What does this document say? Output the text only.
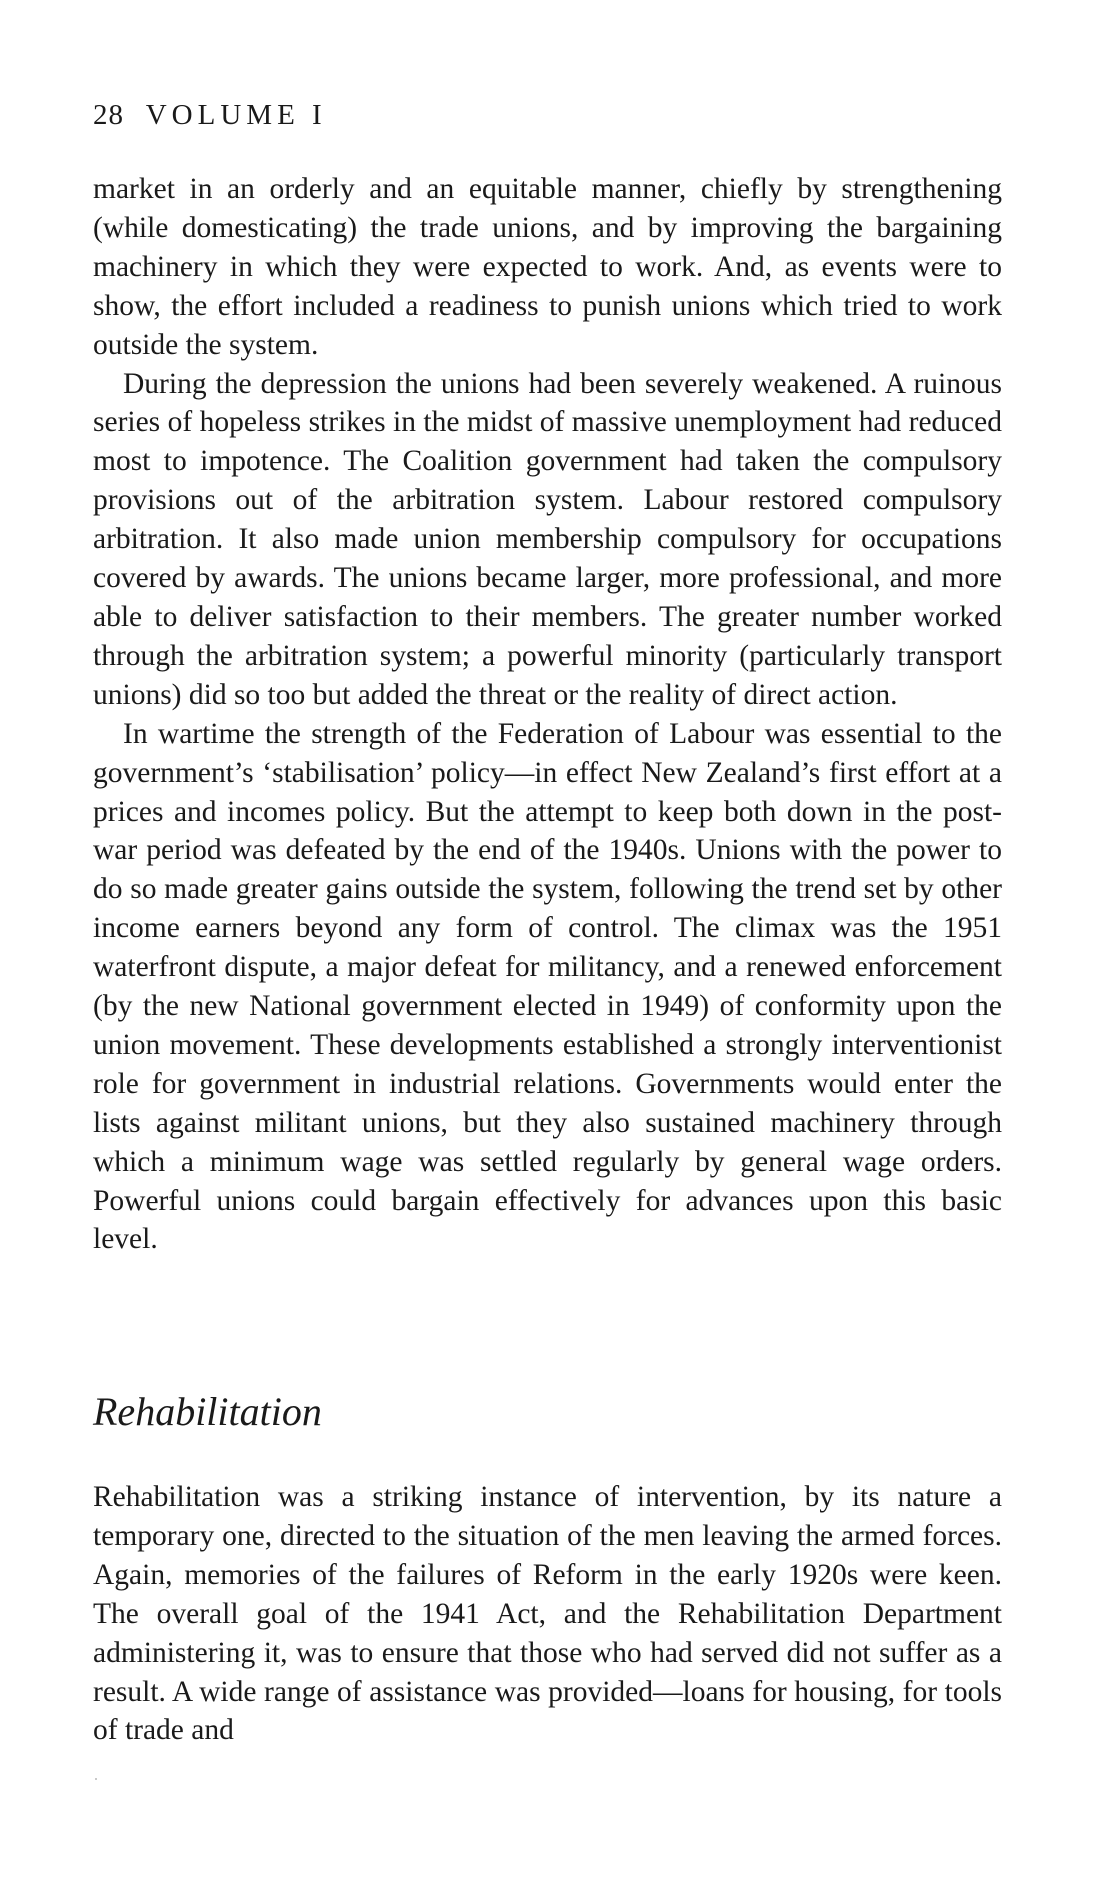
28 VOLUME I

market in an orderly and an equitable manner, chiefly by strengthening (while domesticating) the trade unions, and by improving the bargaining machinery in which they were expected to work. And, as events were to show, the effort included a readiness to punish unions which tried to work outside the system.

During the depression the unions had been severely weakened. A ruinous series of hopeless strikes in the midst of massive unemployment had reduced most to impotence. The Coalition government had taken the compulsory provisions out of the arbitration system. Labour restored compulsory arbitration. It also made union membership compulsory for occupations covered by awards. The unions became larger, more professional, and more able to deliver satisfaction to their members. The greater number worked through the arbitration system; a powerful minority (particularly transport unions) did so too but added the threat or the reality of direct action.

In wartime the strength of the Federation of Labour was essential to the government’s ‘stabilisation’ policy—in effect New Zealand’s first effort at a prices and incomes policy. But the attempt to keep both down in the post-war period was defeated by the end of the 1940s. Unions with the power to do so made greater gains outside the system, following the trend set by other income earners beyond any form of control. The climax was the 1951 waterfront dispute, a major defeat for militancy, and a renewed enforcement (by the new National government elected in 1949) of conformity upon the union movement. These developments established a strongly interventionist role for government in industrial relations. Governments would enter the lists against militant unions, but they also sustained machinery through which a minimum wage was settled regularly by general wage orders. Powerful unions could bargain effectively for advances upon this basic level.

Rehabilitation

Rehabilitation was a striking instance of intervention, by its nature a temporary one, directed to the situation of the men leaving the armed forces. Again, memories of the failures of Reform in the early 1920s were keen. The overall goal of the 1941 Act, and the Rehabilitation Department administering it, was to ensure that those who had served did not suffer as a result. A wide range of assistance was provided—loans for housing, for tools of trade and
